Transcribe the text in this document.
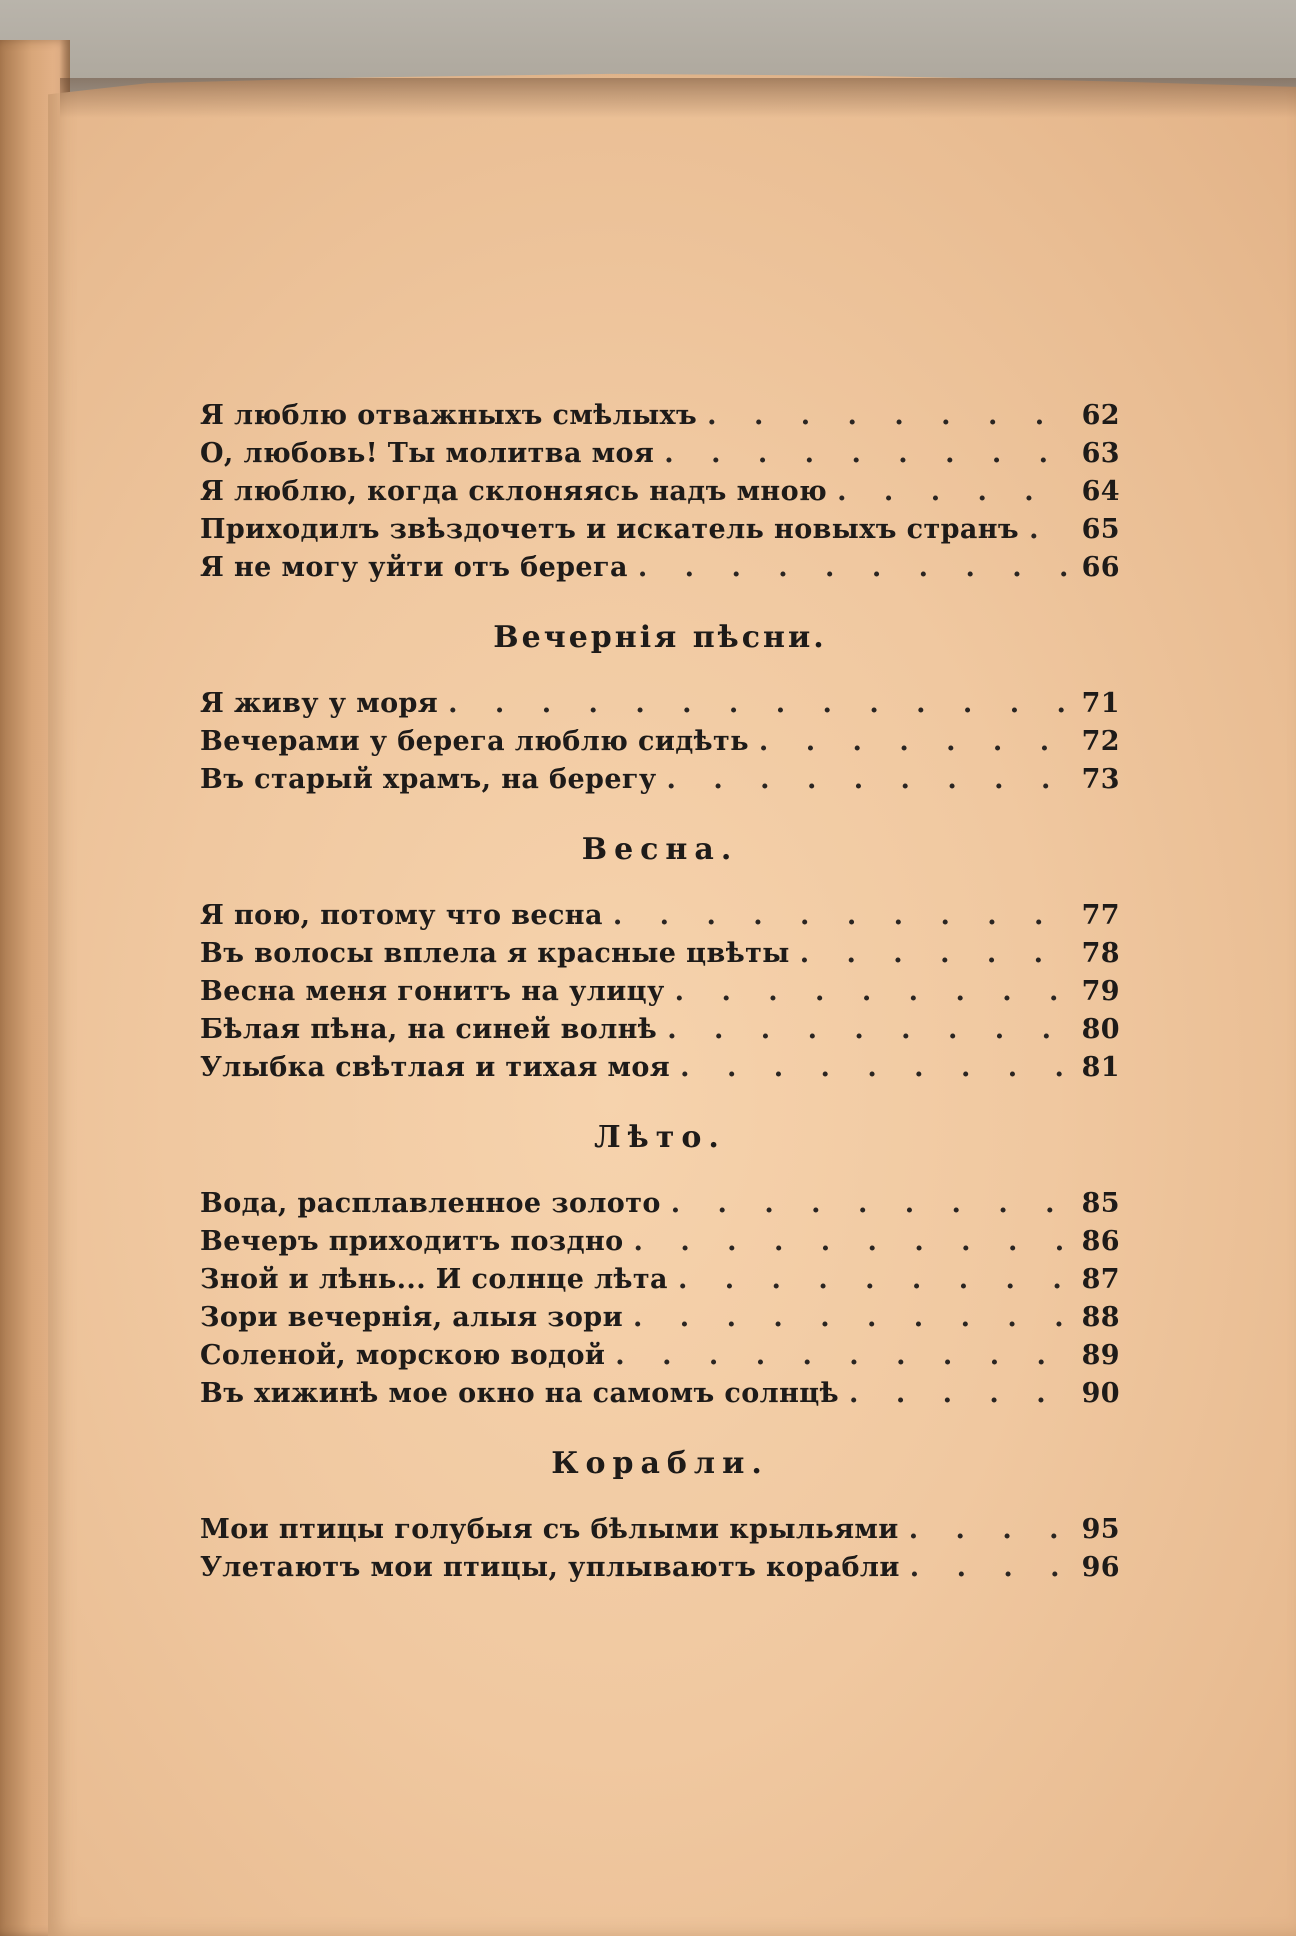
Я люблю отважныхъ смѣлыхъ . . .	62
О, любовь! Ты молитва моя . . .	63
Я люблю, когда склоняясь надъ мною . . .	64
Приходилъ звѣздочетъ и искатель новыхъ странъ . . . 65
Я не могу уйти отъ берега . . .	66
Вечернія пѣсни.
Я живу у моря . . .	71
Вечерами у берега люблю сидѣть . . .	72
Въ старый храмъ, на берегу . . .	73
Весна.
Я пою, потому что весна . . .	77
Въ волосы вплела я красные цвѣты . . .	78
Весна меня гонитъ на улицу . . .	79
Бѣлая пѣна, на синей волнѣ . . .	80
Улыбка свѣтлая и тихая моя . . .	81
Лѣто.
Вода, расплавленное золото . . .	85
Вечеръ приходитъ поздно . . .	86
Зной и лѣнь... И солнце лѣта . . .	87
Зори вечернія, алыя зори . . .	88
Соленой, морскою водой . . .	89
Въ хижинѣ мое окно на самомъ солнцѣ . . .	90
Корабли.
Мои птицы голубыя съ бѣлыми крыльями . . .	95
Улетаютъ мои птицы, уплываютъ корабли . . .	96
